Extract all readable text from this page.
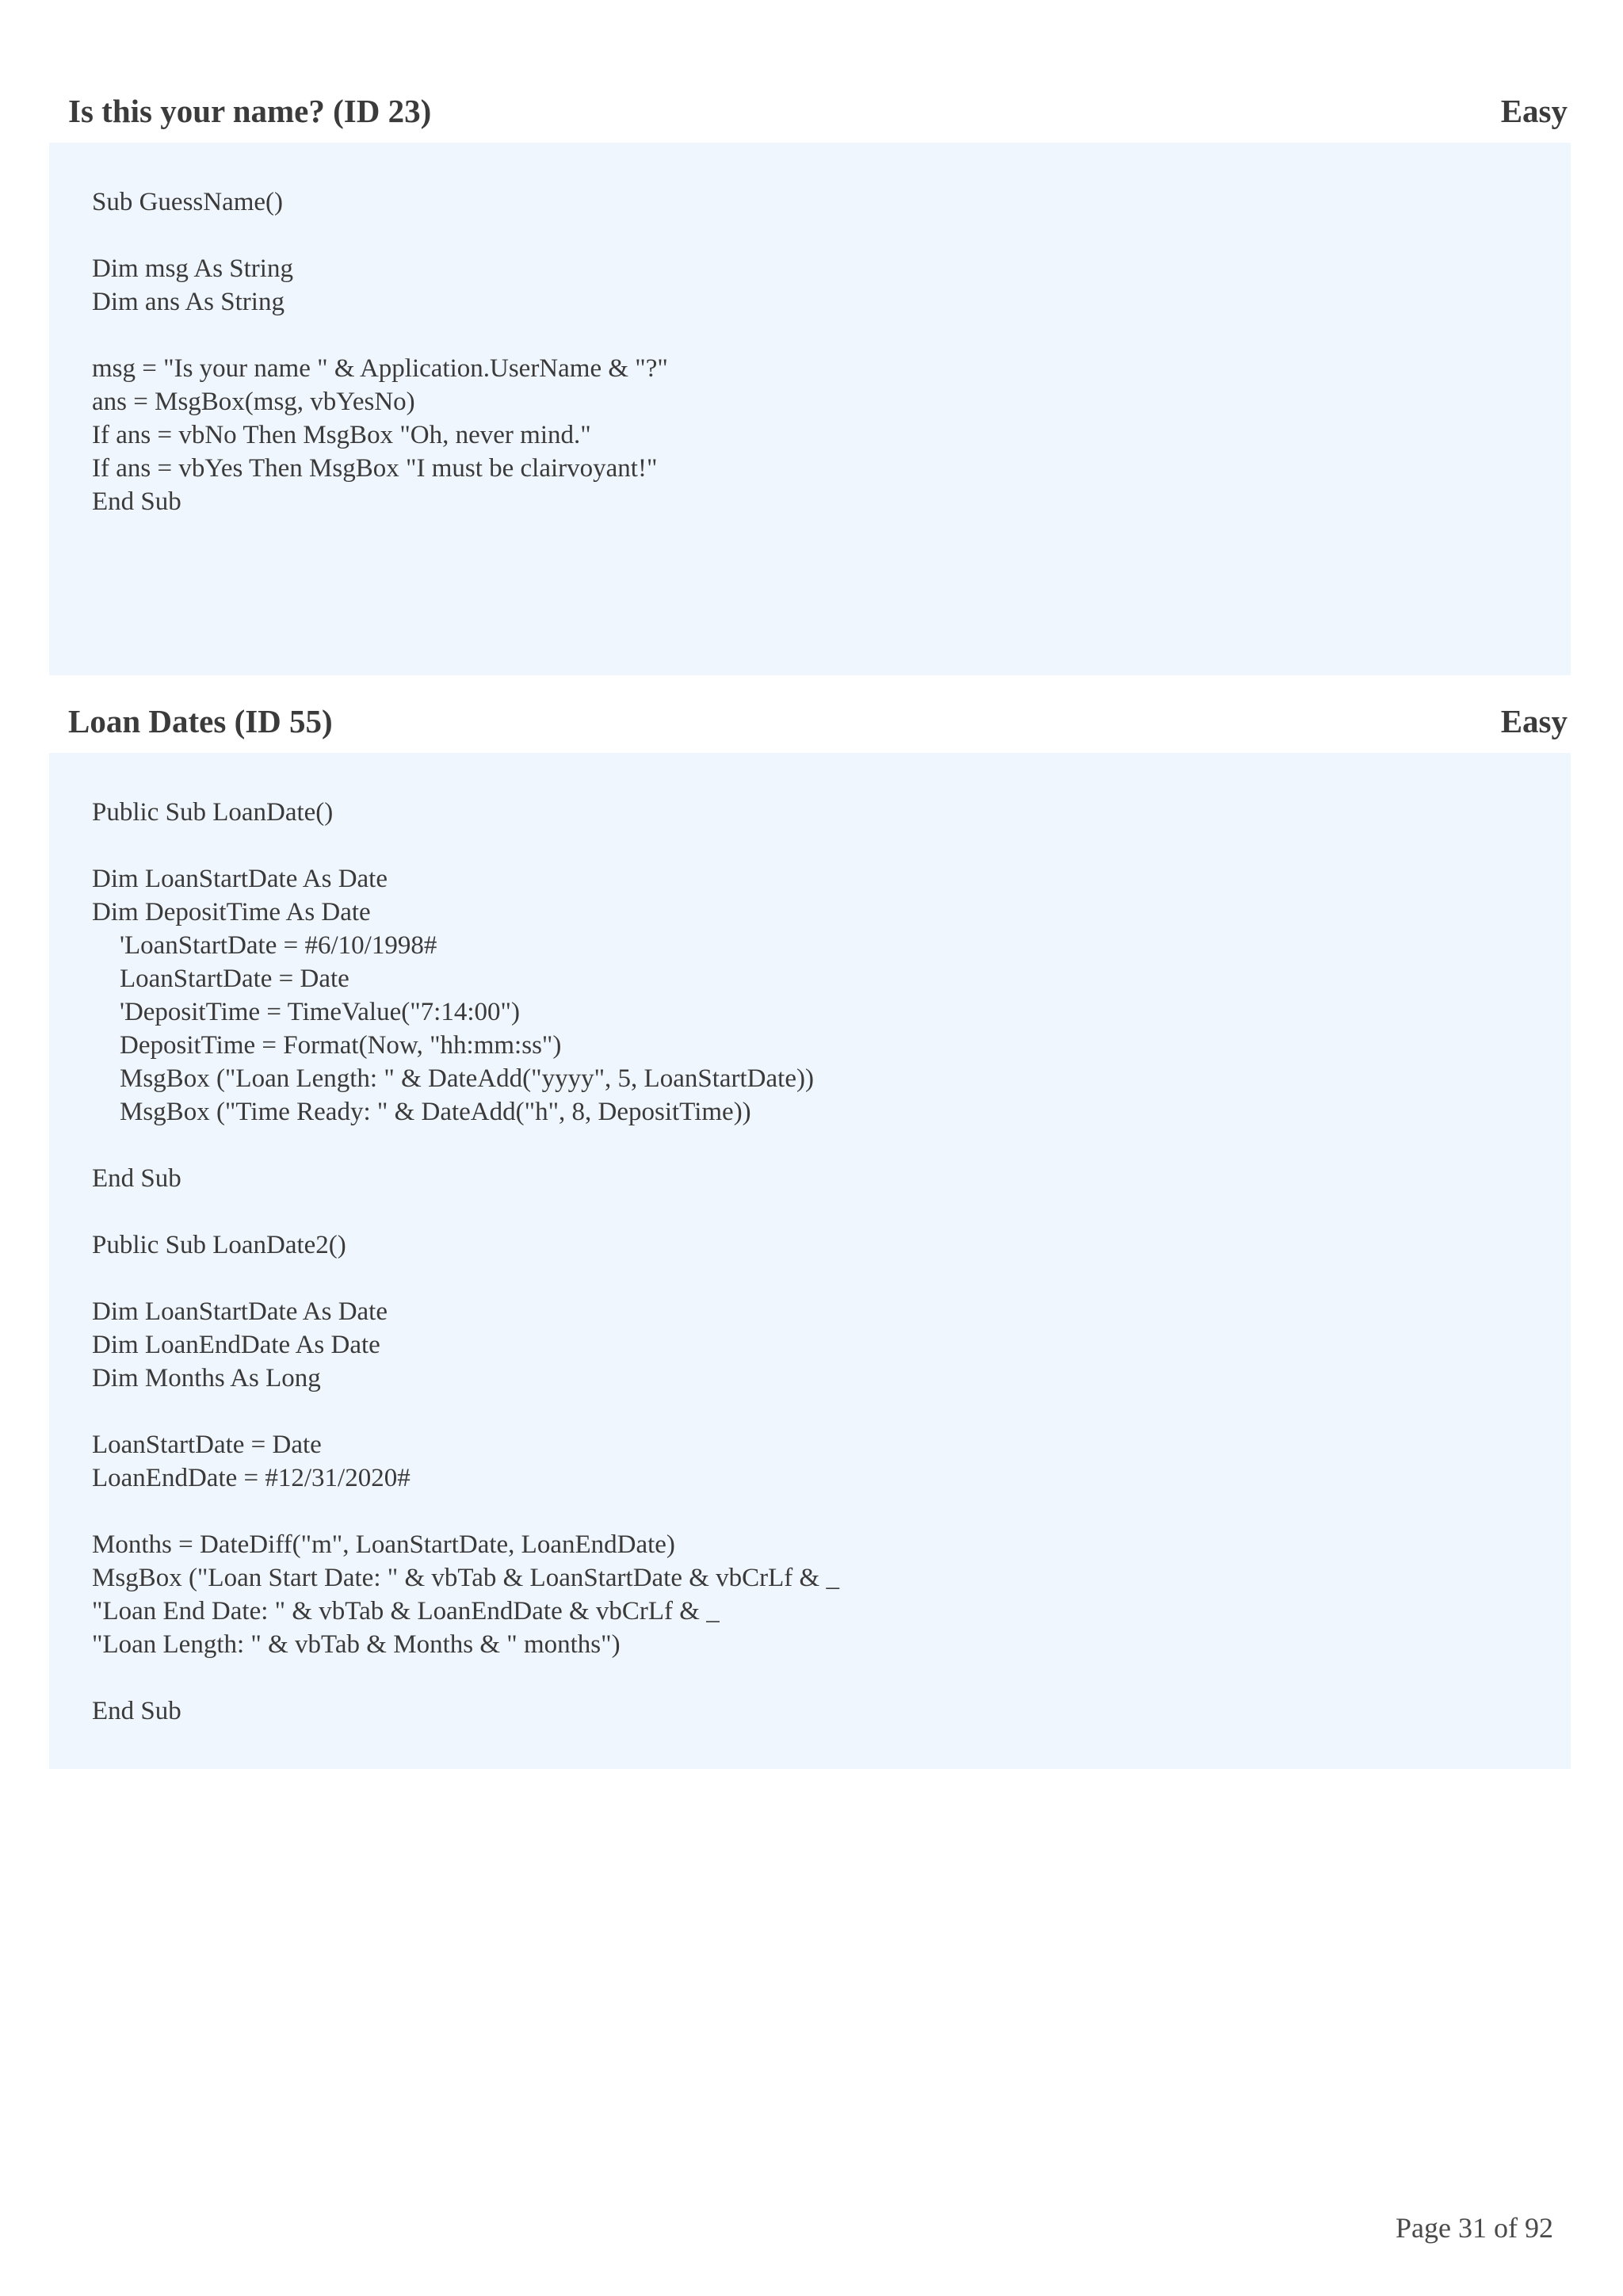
Is this your name? (ID 23)	Easy
Sub GuessName()
Dim msg As String
Dim ans As String
msg = "Is your name " & Application.UserName & "?"
ans = MsgBox(msg, vbYesNo)
If ans = vbNo Then MsgBox "Oh, never mind."
If ans = vbYes Then MsgBox "I must be clairvoyant!"
End Sub
Loan Dates (ID 55)	Easy
Public Sub LoanDate()
Dim LoanStartDate As Date
Dim DepositTime As Date
'LoanStartDate = #6/10/1998#
LoanStartDate = Date
'DepositTime = TimeValue("7:14:00")
DepositTime = Format(Now, "hh:mm:ss")
MsgBox ("Loan Length: " & DateAdd("yyyy", 5, LoanStartDate))
MsgBox ("Time Ready: " & DateAdd("h", 8, DepositTime))
End Sub
Public Sub LoanDate2()
Dim LoanStartDate As Date
Dim LoanEndDate As Date
Dim Months As Long
LoanStartDate = Date
LoanEndDate = #12/31/2020#
Months = DateDiff("m", LoanStartDate, LoanEndDate)
MsgBox ("Loan Start Date: " & vbTab & LoanStartDate & vbCrLf & _
"Loan End Date: " & vbTab & LoanEndDate & vbCrLf & _
"Loan Length: " & vbTab & Months & " months")
End Sub
Page 31 of 92
